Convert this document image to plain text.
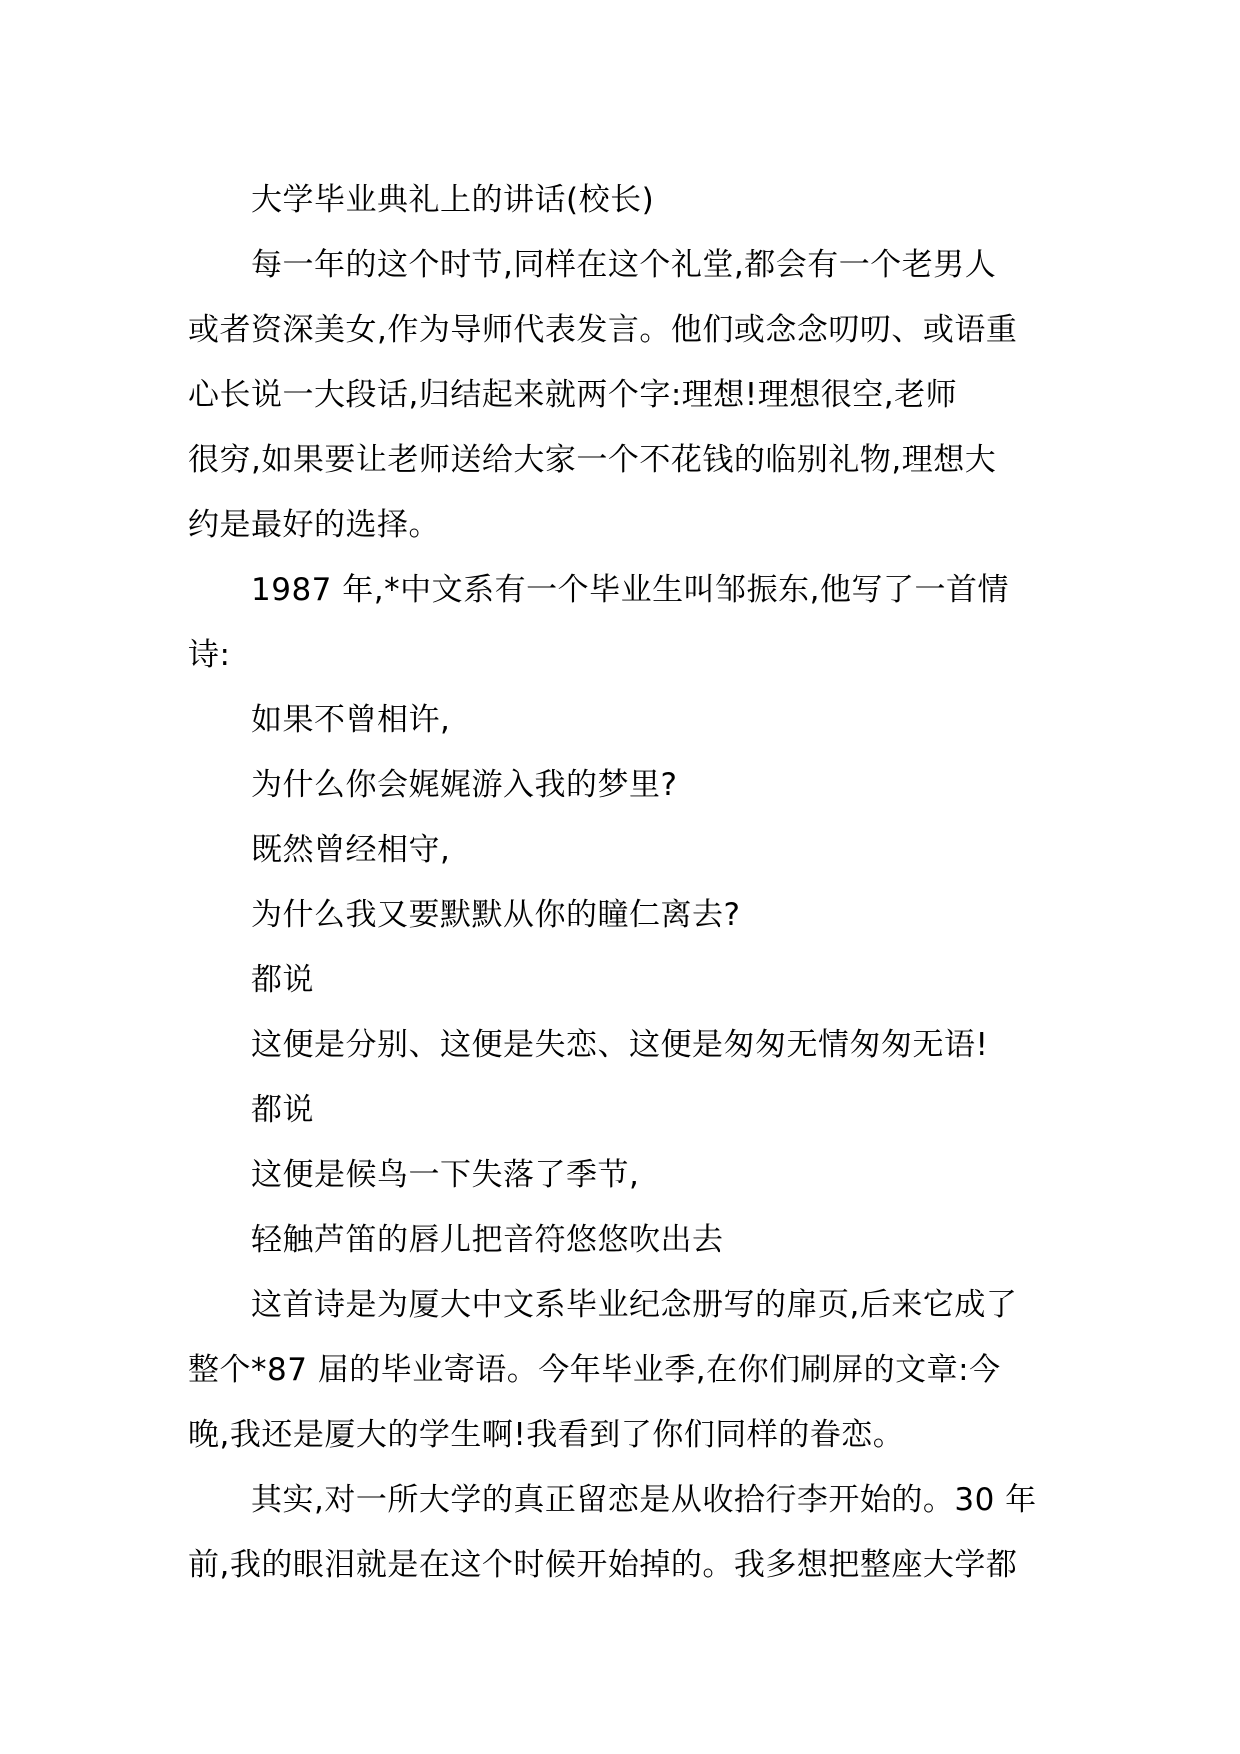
大学毕业典礼上的讲话(校长)
每一年的这个时节,同样在这个礼堂,都会有一个老男人
或者资深美女,作为导师代表发言。他们或念念叨叨、或语重
心长说一大段话,归结起来就两个字:理想!理想很空,老师
很穷,如果要让老师送给大家一个不花钱的临别礼物,理想大
约是最好的选择。
1987 年,*中文系有一个毕业生叫邹振东,他写了一首情
诗:
如果不曾相许,
为什么你会娓娓游入我的梦里?
既然曾经相守,
为什么我又要默默从你的瞳仁离去?
都说
这便是分别、这便是失恋、这便是匆匆无情匆匆无语!
都说
这便是候鸟一下失落了季节,
轻触芦笛的唇儿把音符悠悠吹出去
这首诗是为厦大中文系毕业纪念册写的扉页,后来它成了
整个*87 届的毕业寄语。今年毕业季,在你们刷屏的文章:今
晚,我还是厦大的学生啊!我看到了你们同样的眷恋。
其实,对一所大学的真正留恋是从收拾行李开始的。30 年
前,我的眼泪就是在这个时候开始掉的。我多想把整座大学都
